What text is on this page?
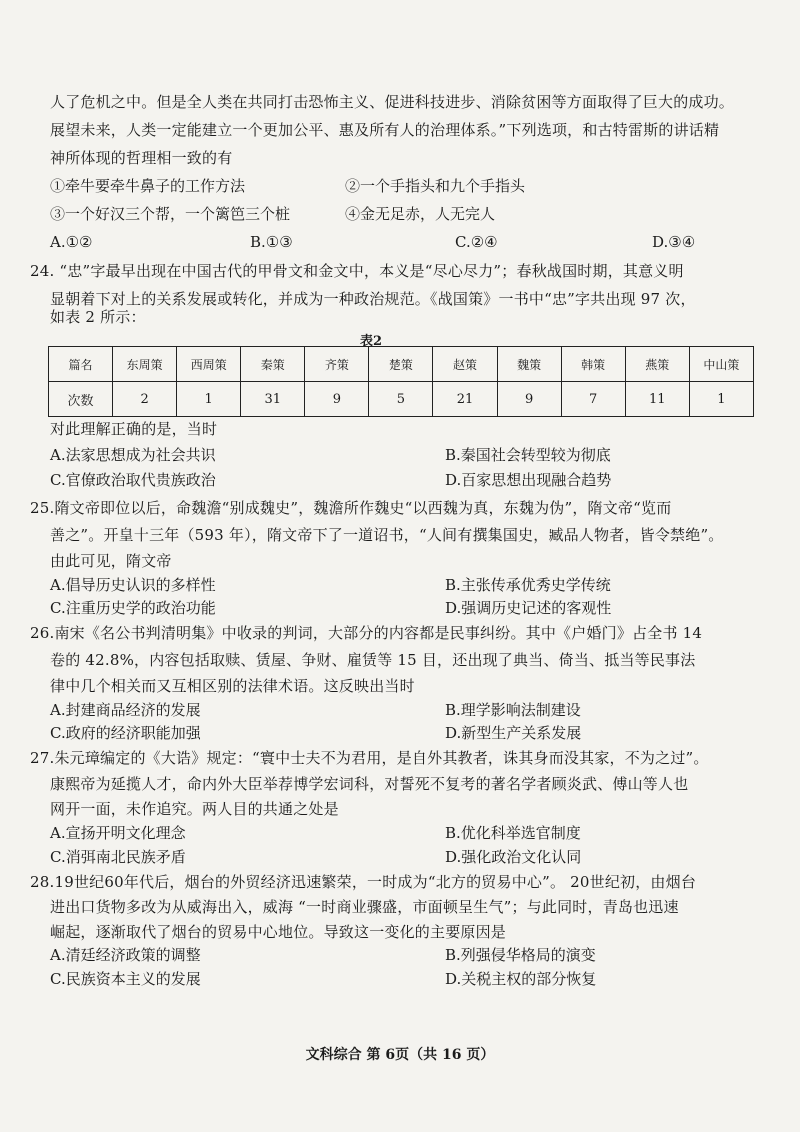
人了危机之中。但是全人类在共同打击恐怖主义、促进科技进步、消除贫困等方面取得了巨大的成功。
展望未来，人类一定能建立一个更加公平、惠及所有人的治理体系。”下列选项，和古特雷斯的讲话精
神所体现的哲理相一致的有
①牵牛要牵牛鼻子的工作方法	②一个手指头和九个手指头
③一个好汉三个帮，一个篱笆三个桩	④金无足赤，人无完人
A.①②	B.①③	C.②④	D.③④
24. “忠”字最早出现在中国古代的甲骨文和金文中，本义是“尽心尽力”；春秋战国时期，其意义明
显朝着下对上的关系发展或转化，并成为一种政治规范。《战国策》一书中“忠”字共出现 97 次，
如表 2 所示：
表2
篇名	东周策	西周策	秦策	齐策	楚策	赵策	魏策	韩策	燕策	中山策
次数	2	1	31	9	5	21	9	7	11	1
对此理解正确的是，当时
A.法家思想成为社会共识	B.秦国社会转型较为彻底
C.官僚政治取代贵族政治	D.百家思想出现融合趋势
25.隋文帝即位以后，命魏澹“别成魏史”，魏澹所作魏史“以西魏为真，东魏为伪”，隋文帝“览而
善之”。开皇十三年（593 年），隋文帝下了一道诏书，“人间有撰集国史，臧品人物者，皆令禁绝”。
由此可见，隋文帝
A.倡导历史认识的多样性	B.主张传承优秀史学传统
C.注重历史学的政治功能	D.强调历史记述的客观性
26.南宋《名公书判清明集》中收录的判词，大部分的内容都是民事纠纷。其中《户婚门》占全书 14
卷的 42.8%，内容包括取赎、赁屋、争财、雇赁等 15 目，还出现了典当、倚当、抵当等民事法
律中几个相关而又互相区别的法律术语。这反映出当时
A.封建商品经济的发展	B.理学影响法制建设
C.政府的经济职能加强	D.新型生产关系发展
27.朱元璋编定的《大诰》规定：“寰中士夫不为君用，是自外其教者，诛其身而没其家，不为之过”。
康熙帝为延揽人才，命内外大臣举荐博学宏词科，对誓死不复考的著名学者顾炎武、傅山等人也
网开一面，未作追究。两人目的共通之处是
A.宣扬开明文化理念	B.优化科举选官制度
C.消弭南北民族矛盾	D.强化政治文化认同
28.19世纪60年代后，烟台的外贸经济迅速繁荣，一时成为“北方的贸易中心”。 20世纪初，由烟台
进出口货物多改为从威海出入，威海 “一时商业骤盛，市面顿呈生气”；与此同时，青岛也迅速
崛起，逐渐取代了烟台的贸易中心地位。导致这一变化的主要原因是
A.清廷经济政策的调整	B.列强侵华格局的演变
C.民族资本主义的发展	D.关税主权的部分恢复
文科综合 第 6页（共 16 页）
